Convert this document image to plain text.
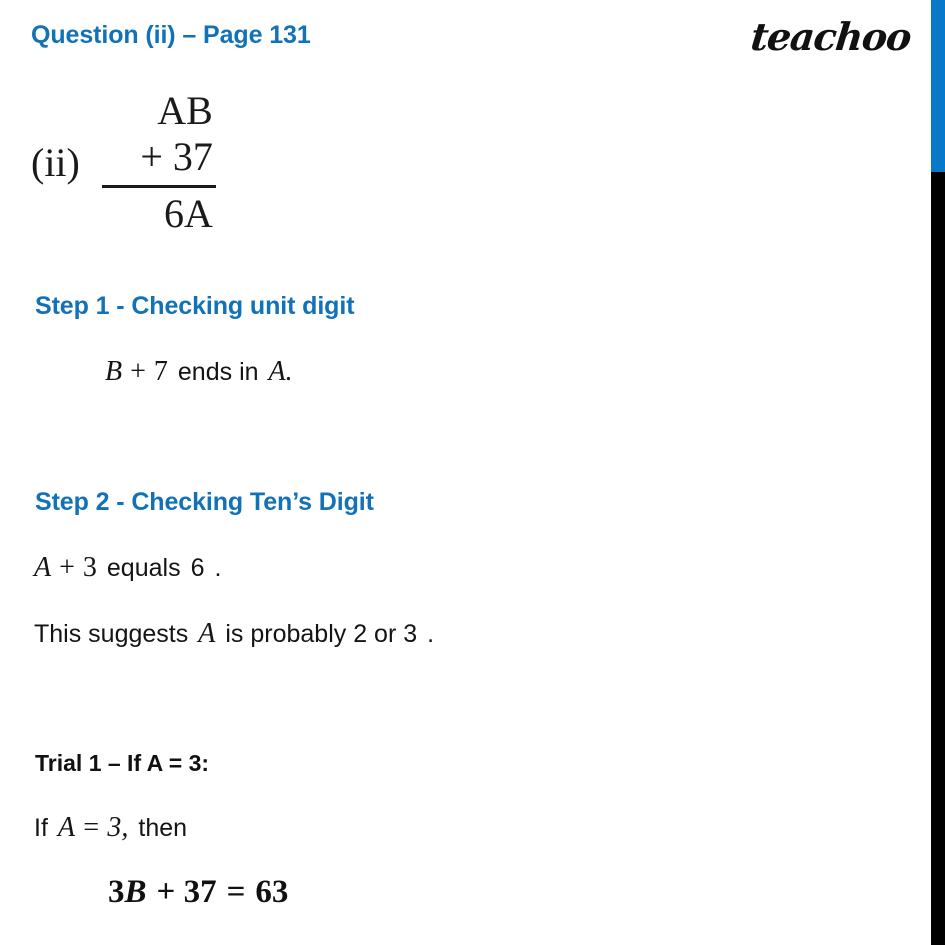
Question (ii) – Page 131	teachoo
(ii)
AB
+ 37
6A
Step 1 - Checking unit digit
B + 7 ends in A.
Step 2 - Checking Ten’s Digit
A + 3 equals 6 .
This suggests A is probably 2 or 3 .
Trial 1 – If A = 3:
If A = 3, then
3B + 37 = 63
